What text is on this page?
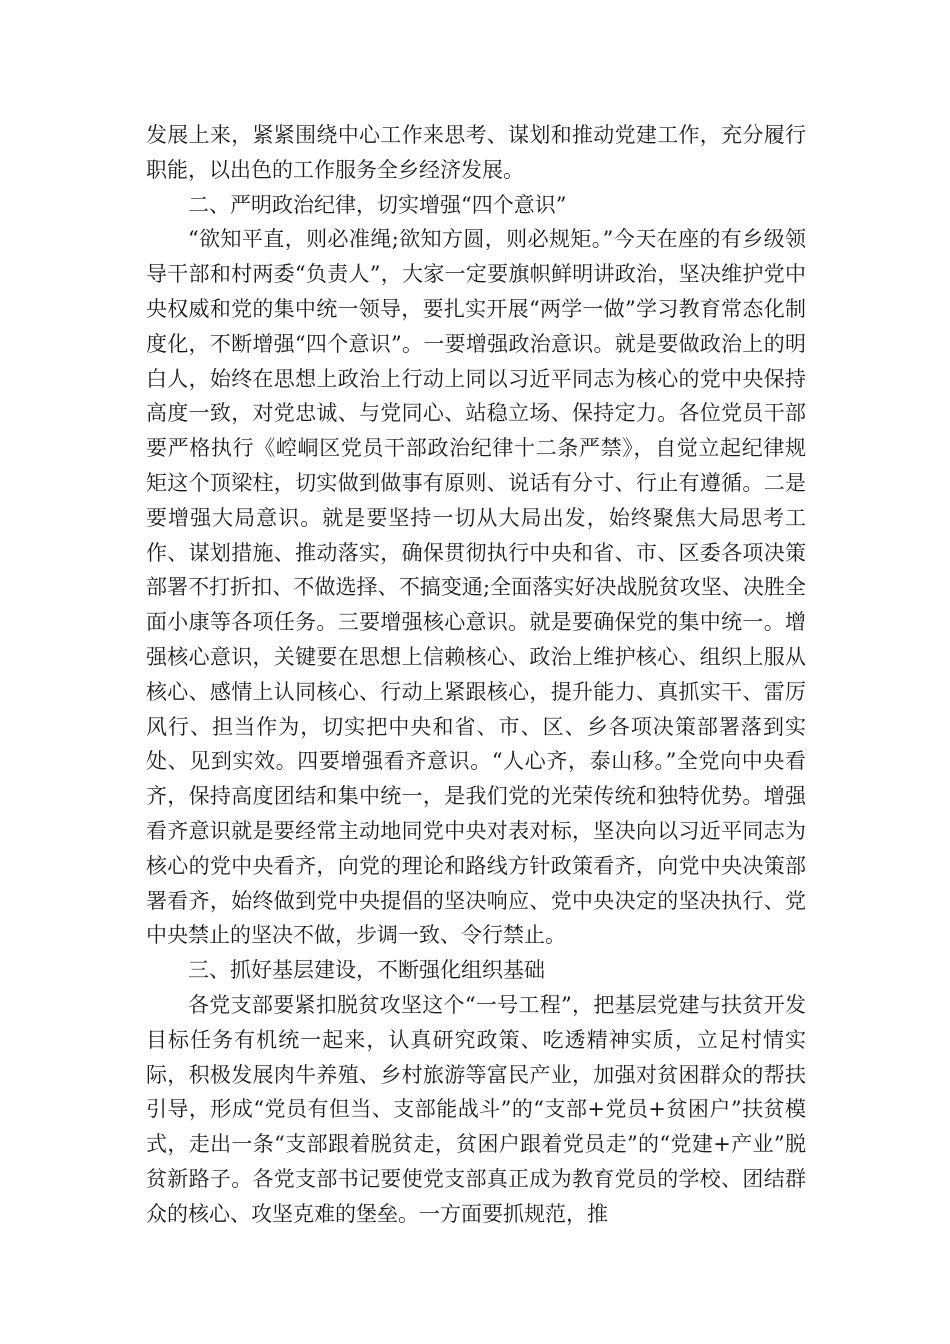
发展上来，紧紧围绕中心工作来思考、谋划和推动党建工作，充分履行职能，以出色的工作服务全乡经济发展。

二、严明政治纪律，切实增强“四个意识”

“欲知平直，则必准绳;欲知方圆，则必规矩。”今天在座的有乡级领导干部和村两委“负责人”，大家一定要旗帜鲜明讲政治，坚决维护党中央权威和党的集中统一领导，要扎实开展“两学一做”学习教育常态化制度化，不断增强“四个意识”。一要增强政治意识。就是要做政治上的明白人，始终在思想上政治上行动上同以习近平同志为核心的党中央保持高度一致，对党忠诚、与党同心、站稳立场、保持定力。各位党员干部要严格执行《崆峒区党员干部政治纪律十二条严禁》，自觉立起纪律规矩这个顶梁柱，切实做到做事有原则、说话有分寸、行止有遵循。二是要增强大局意识。就是要坚持一切从大局出发，始终聚焦大局思考工作、谋划措施、推动落实，确保贯彻执行中央和省、市、区委各项决策部署不打折扣、不做选择、不搞变通;全面落实好决战脱贫攻坚、决胜全面小康等各项任务。三要增强核心意识。就是要确保党的集中统一。增强核心意识，关键要在思想上信赖核心、政治上维护核心、组织上服从核心、感情上认同核心、行动上紧跟核心，提升能力、真抓实干、雷厉风行、担当作为，切实把中央和省、市、区、乡各项决策部署落到实处、见到实效。四要增强看齐意识。“人心齐，泰山移。”全党向中央看齐，保持高度团结和集中统一，是我们党的光荣传统和独特优势。增强看齐意识就是要经常主动地同党中央对表对标，坚决向以习近平同志为核心的党中央看齐，向党的理论和路线方针政策看齐，向党中央决策部署看齐，始终做到党中央提倡的坚决响应、党中央决定的坚决执行、党中央禁止的坚决不做，步调一致、令行禁止。

三、抓好基层建设，不断强化组织基础

各党支部要紧扣脱贫攻坚这个“一号工程”，把基层党建与扶贫开发目标任务有机统一起来，认真研究政策、吃透精神实质，立足村情实际，积极发展肉牛养殖、乡村旅游等富民产业，加强对贫困群众的帮扶引导，形成“党员有但当、支部能战斗”的“支部+党员+贫困户”扶贫模式，走出一条“支部跟着脱贫走，贫困户跟着党员走”的“党建+产业”脱贫新路子。各党支部书记要使党支部真正成为教育党员的学校、团结群众的核心、攻坚克难的堡垒。一方面要抓规范，推
